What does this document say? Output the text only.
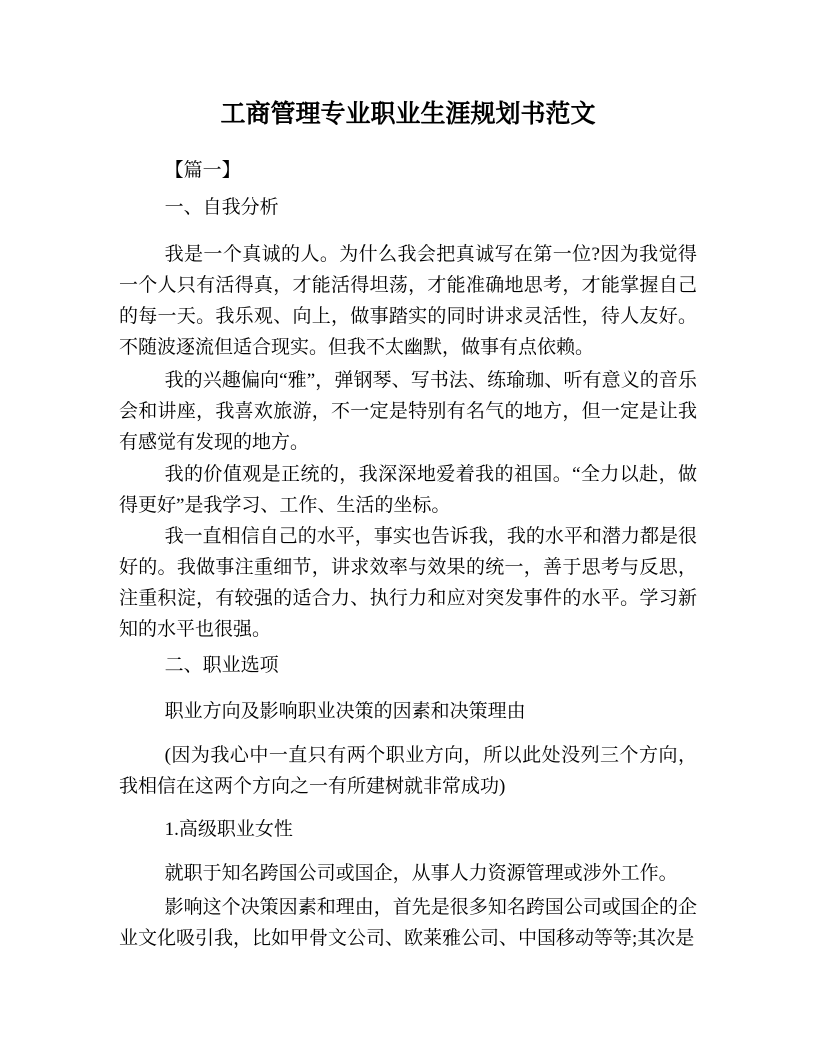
工商管理专业职业生涯规划书范文

【篇一】

一、自我分析

我是一个真诚的人。为什么我会把真诚写在第一位?因为我觉得一个人只有活得真，才能活得坦荡，才能准确地思考，才能掌握自己的每一天。我乐观、向上，做事踏实的同时讲求灵活性，待人友好。不随波逐流但适合现实。但我不太幽默，做事有点依赖。

我的兴趣偏向“雅”，弹钢琴、写书法、练瑜珈、听有意义的音乐会和讲座，我喜欢旅游，不一定是特别有名气的地方，但一定是让我有感觉有发现的地方。

我的价值观是正统的，我深深地爱着我的祖国。“全力以赴，做得更好”是我学习、工作、生活的坐标。

我一直相信自己的水平，事实也告诉我，我的水平和潜力都是很好的。我做事注重细节，讲求效率与效果的统一，善于思考与反思，注重积淀，有较强的适合力、执行力和应对突发事件的水平。学习新知的水平也很强。

二、职业选项

职业方向及影响职业决策的因素和决策理由

(因为我心中一直只有两个职业方向，所以此处没列三个方向，我相信在这两个方向之一有所建树就非常成功)

1.高级职业女性

就职于知名跨国公司或国企，从事人力资源管理或涉外工作。

影响这个决策因素和理由，首先是很多知名跨国公司或国企的企业文化吸引我，比如甲骨文公司、欧莱雅公司、中国移动等等;其次是
